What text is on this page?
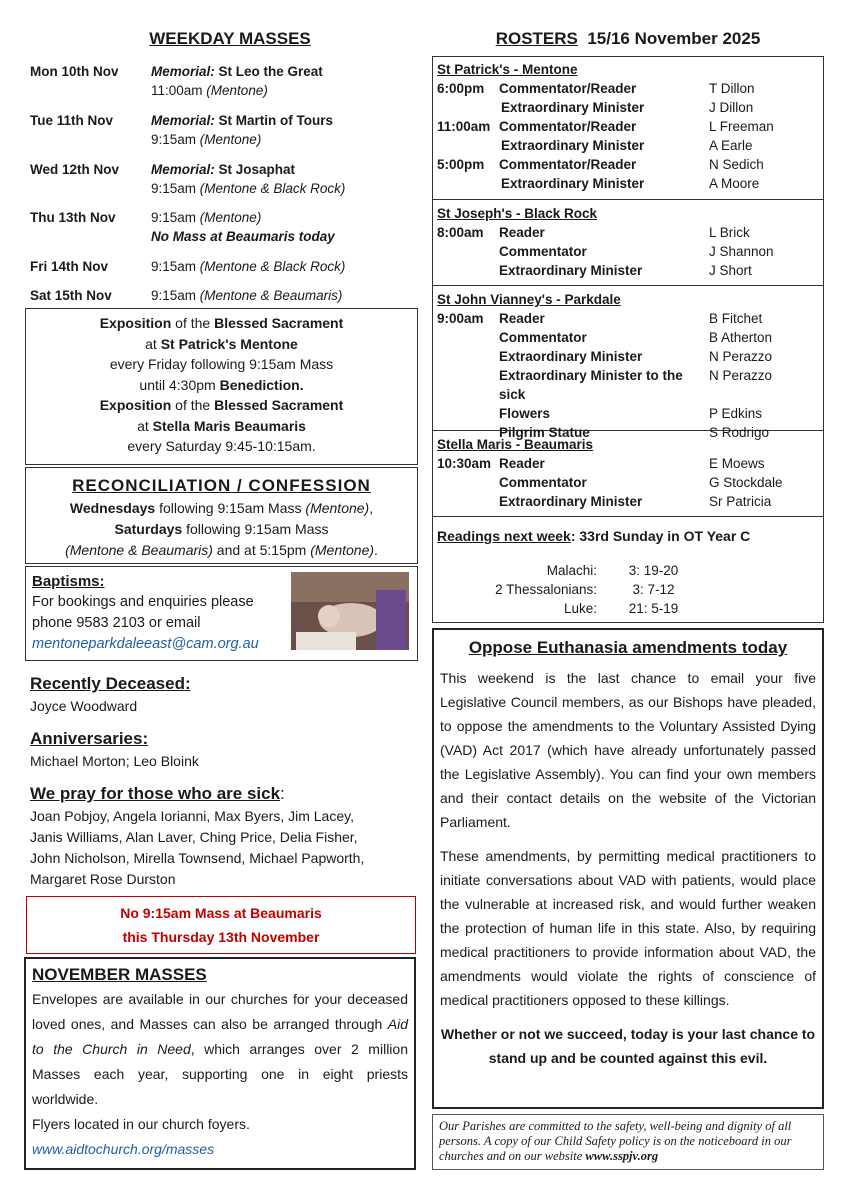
WEEKDAY MASSES
Mon 10th Nov	Memorial: St Leo the Great
11:00am (Mentone)
Tue 11th Nov	Memorial: St Martin of Tours
9:15am (Mentone)
Wed 12th Nov	Memorial: St Josaphat
9:15am (Mentone & Black Rock)
Thu 13th Nov	9:15am (Mentone)
No Mass at Beaumaris today
Fri 14th Nov	9:15am (Mentone & Black Rock)
Sat 15th Nov	9:15am (Mentone & Beaumaris)
Exposition of the Blessed Sacrament
at St Patrick's Mentone
every Friday following 9:15am Mass
until 4:30pm Benediction.
Exposition of the Blessed Sacrament
at Stella Maris Beaumaris
every Saturday 9:45-10:15am.
RECONCILIATION / CONFESSION
Wednesdays following 9:15am Mass (Mentone),
Saturdays following 9:15am Mass
(Mentone & Beaumaris) and at 5:15pm (Mentone).
Baptisms:
For bookings and enquiries please
phone 9583 2103 or email
mentoneparkdaleeast@cam.org.au
Recently Deceased:
Joyce Woodward
Anniversaries:
Michael Morton; Leo Bloink
We pray for those who are sick:
Joan Pobjoy, Angela Iorianni, Max Byers, Jim Lacey,
Janis Williams, Alan Laver, Ching Price, Delia Fisher,
John Nicholson, Mirella Townsend, Michael Papworth,
Margaret Rose Durston
No 9:15am Mass at Beaumaris
this Thursday 13th November
NOVEMBER MASSES
Envelopes are available in our churches for your deceased loved ones, and Masses can also be arranged through Aid to the Church in Need, which arranges over 2 million Masses each year, supporting one in eight priests worldwide.
Flyers located in our church foyers.
www.aidtochurch.org/masses
ROSTERS 15/16 November 2025
St Patrick's - Mentone
6:00pm	Commentator/Reader	T Dillon
Extraordinary Minister	J Dillon
11:00am Commentator/Reader	L Freeman
Extraordinary Minister	A Earle
5:00pm	Commentator/Reader	N Sedich
Extraordinary Minister	A Moore
St Joseph's - Black Rock
8:00am	Reader	L Brick
Commentator	J Shannon
Extraordinary Minister	J Short
St John Vianney's - Parkdale
9:00am	Reader	B Fitchet
Commentator	B Atherton
Extraordinary Minister	N Perazzo
Extraordinary Minister to the sick
N Perazzo
Flowers	P Edkins
Pilgrim Statue	S Rodrigo
Stella Maris - Beaumaris
10:30am Reader	E Moews
Commentator	G Stockdale
Extraordinary Minister	Sr Patricia
Readings next week: 33rd Sunday in OT Year C
Malachi:	3: 19-20
2 Thessalonians:	3: 7-12
Luke:	21: 5-19
Oppose Euthanasia amendments today
This weekend is the last chance to email your five Legislative Council members, as our Bishops have pleaded, to oppose the amendments to the Voluntary Assisted Dying (VAD) Act 2017 (which have already unfortunately passed the Legislative Assembly). You can find your own members and their contact details on the website of the Victorian Parliament.
These amendments, by permitting medical practitioners to initiate conversations about VAD with patients, would place the vulnerable at increased risk, and would further weaken the protection of human life in this state. Also, by requiring medical practitioners to provide information about VAD, the amendments would violate the rights of conscience of medical practitioners opposed to these killings.
Whether or not we succeed, today is your last chance to stand up and be counted against this evil.
Our Parishes are committed to the safety, well-being and dignity of all persons. A copy of our Child Safety policy is on the noticeboard in our churches and on our website www.sspjv.org
